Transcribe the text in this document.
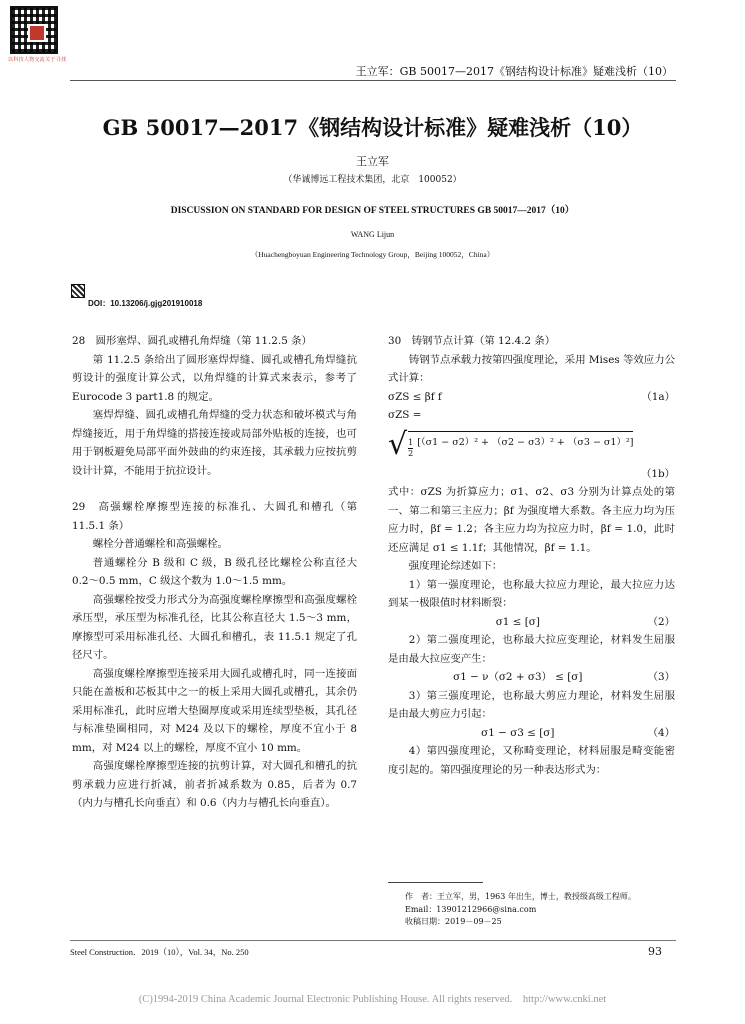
以科技人物交流关于寻找
王立军：GB 50017—2017《钢结构设计标准》疑难浅析（10）
GB 50017—2017《钢结构设计标准》疑难浅析（10）
王立军
（华诚博远工程技术集团，北京　100052）
DISCUSSION ON STANDARD FOR DESIGN OF STEEL STRUCTURES GB 50017—2017（10）
WANG Lijun
（Huachengboyuan Engineering Technology Group，Beijing 100052，China）
DOI：10.13206/j.gjg201910018

28　圆形塞焊、圆孔或槽孔角焊缝（第 11.2.5 条）

第 11.2.5 条给出了圆形塞焊焊缝、圆孔或槽孔角焊缝抗剪设计的强度计算公式，以角焊缝的计算式来表示，参考了 Eurocode 3 part1.8 的规定。

塞焊焊缝、圆孔或槽孔角焊缝的受力状态和破坏模式与角焊缝接近，用于角焊缝的搭接连接或局部外贴板的连接，也可用于钢板避免局部平面外鼓曲的约束连接，其承载力应按抗剪设计计算，不能用于抗拉设计。

29　高强螺栓摩擦型连接的标准孔、大圆孔和槽孔（第 11.5.1 条）

螺栓分普通螺栓和高强螺栓。

普通螺栓分 B 级和 C 级，B 级孔径比螺栓公称直径大 0.2～0.5 mm，C 级这个数为 1.0～1.5 mm。

高强螺栓按受力形式分为高强度螺栓摩擦型和高强度螺栓承压型，承压型为标准孔径，比其公称直径大 1.5～3 mm，摩擦型可采用标准孔径、大圆孔和槽孔，表 11.5.1 规定了孔径尺寸。

高强度螺栓摩擦型连接采用大圆孔或槽孔时，同一连接面只能在盖板和芯板其中之一的板上采用大圆孔或槽孔，其余仍采用标准孔，此时应增大垫圈厚度或采用连续型垫板，其孔径与标准垫圈相同，对 M24 及以下的螺栓，厚度不宜小于 8 mm，对 M24 以上的螺栓，厚度不宜小 10 mm。

高强度螺栓摩擦型连接的抗剪计算，对大圆孔和槽孔的抗剪承载力应进行折减，前者折减系数为 0.85，后者为 0.7（内力与槽孔长向垂直）和 0.6（内力与槽孔长向垂直）。

30　铸钢节点计算（第 12.4.2 条）

铸钢节点承载力按第四强度理论，采用 Mises 等效应力公式计算：

σZS ≤ βf f	（1a）

σZS =

√ $\frac{1}{2} [(\sigma 1 - \sigma 2)^2 + (\sigma 2 - \sigma 3)^2 + (\sigma 3 - \sigma 1)^2]$
（1b）

式中：σZS 为折算应力；σ1、σ2、σ3 分别为计算点处的第一、第二和第三主应力；βf 为强度增大系数。各主应力均为压应力时，βf = 1.2；各主应力均为拉应力时，βf = 1.0，此时还应满足 σ1 ≤ 1.1f；其他情况，βf = 1.1。

强度理论综述如下：

1）第一强度理论，也称最大拉应力理论，最大拉应力达到某一极限值时材料断裂：

σ1 ≤ [σ]	（2）

2）第二强度理论，也称最大拉应变理论，材料发生屈服是由最大拉应变产生：

σ1 − ν（σ2 + σ3） ≤ [σ]	（3）

3）第三强度理论，也称最大剪应力理论，材料发生屈服是由最大剪应力引起：

σ1 − σ3 ≤ [σ]	（4）

4）第四强度理论，又称畸变理论，材料屈服是畸变能密度引起的。第四强度理论的另一种表达形式为：

作　者：王立军，男，1963 年出生，博士，教授级高级工程师。
Email：13901212966@sina.com
收稿日期：2019－09－25
Steel Construction．2019（10），Vol. 34，No. 250	93
(C)1994-2019 China Academic Journal Electronic Publishing House. All rights reserved.　http://www.cnki.net
